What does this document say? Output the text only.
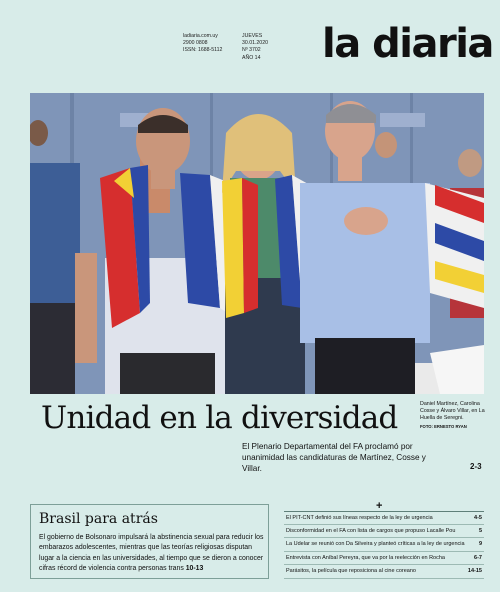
ladiaria.com.uy
2900 0808
ISSN: 1688-5112
JUEVES
30.01.2020
Nº 3702
AÑO 14 la diaria
Unidad en la diversidad	Daniel Martínez, Carolina Cosse y Álvaro Villar, en La Huella de Seregni.
FOTO: ERNESTO RYAN
El Plenario Departamental del FA proclamó por unanimidad las candidaturas de Martínez, Cosse y Villar.	2-3
Brasil para atrás

El gobierno de Bolsonaro impulsará la abstinencia sexual para reducir los embarazos adolescentes, mientras que las teorías religiosas disputan lugar a la ciencia en las universidades, al tiempo que se dieron a conocer cifras récord de violencia contra personas trans 10-13

+
El PIT-CNT definió sus líneas respecto de la ley de urgencia	4-5
Disconformidad en el FA con lista de cargos que propuso Lacalle Pou	5
La Udelar se reunió con Da Silveira y planteó críticas a la ley de urgencia	9
Entrevista con Aníbal Pereyra, que va por la reelección en Rocha	6-7
Parásitos, la película que reposiciona al cine coreano	14-15
